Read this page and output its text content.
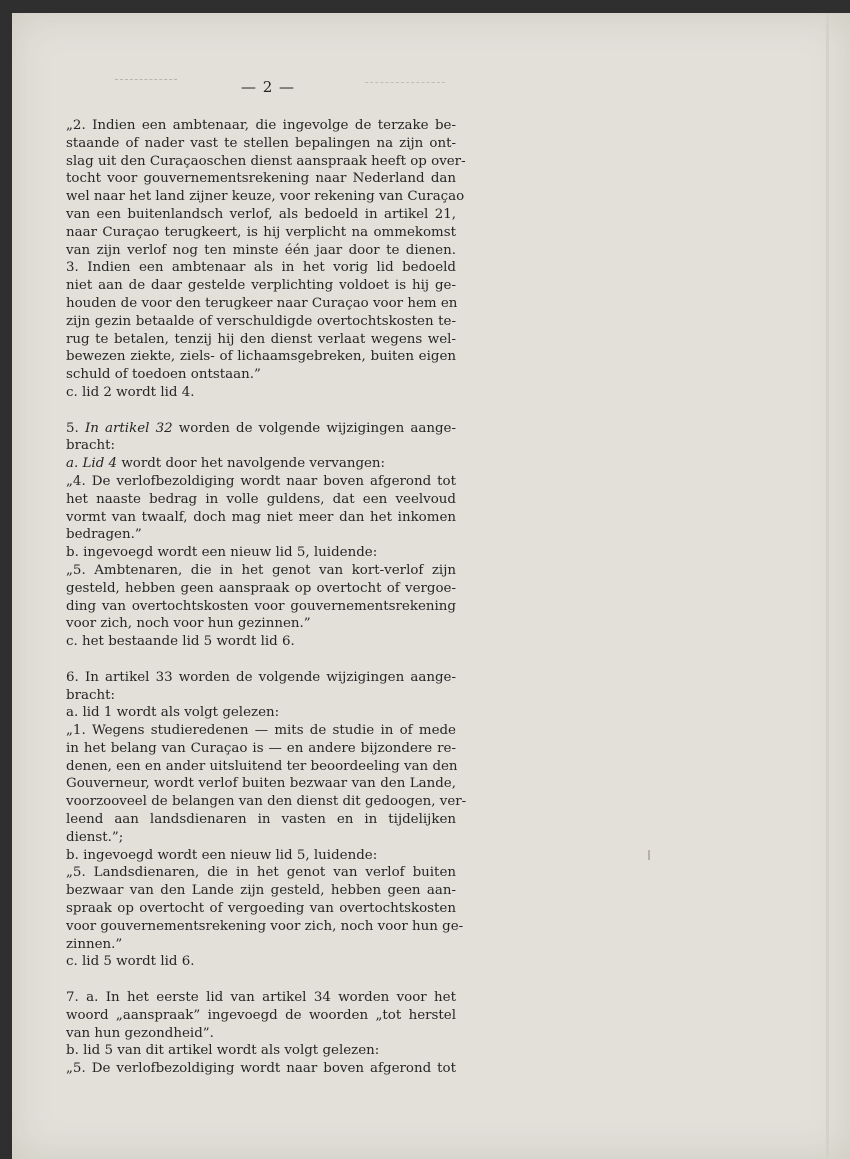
— 2 —
„2. Indien een ambtenaar, die ingevolge de terzake be-
staande of nader vast te stellen bepalingen na zijn ont-
slag uit den Curaçaoschen dienst aanspraak heeft op over-
tocht voor gouvernementsrekening naar Nederland dan
wel naar het land zijner keuze, voor rekening van Curaçao
van een buitenlandsch verlof, als bedoeld in artikel 21,
naar Curaçao terugkeert, is hij verplicht na ommekomst
van zijn verlof nog ten minste één jaar door te dienen.
3. Indien een ambtenaar als in het vorig lid bedoeld
niet aan de daar gestelde verplichting voldoet is hij ge-
houden de voor den terugkeer naar Curaçao voor hem en
zijn gezin betaalde of verschuldigde overtochtskosten te-
rug te betalen, tenzij hij den dienst verlaat wegens wel-
bewezen ziekte, ziels- of lichaamsgebreken, buiten eigen
schuld of toedoen ontstaan.”
c. lid 2 wordt lid 4.
5. In artikel 32 worden de volgende wijzigingen aange-
bracht:
a. Lid 4 wordt door het navolgende vervangen:
„4. De verlofbezoldiging wordt naar boven afgerond tot
het naaste bedrag in volle guldens, dat een veelvoud
vormt van twaalf, doch mag niet meer dan het inkomen
bedragen.”
b. ingevoegd wordt een nieuw lid 5, luidende:
„5. Ambtenaren, die in het genot van kort-verlof zijn
gesteld, hebben geen aanspraak op overtocht of vergoe-
ding van overtochtskosten voor gouvernementsrekening
voor zich, noch voor hun gezinnen.”
c. het bestaande lid 5 wordt lid 6.
6. In artikel 33 worden de volgende wijzigingen aange-
bracht:
a. lid 1 wordt als volgt gelezen:
„1. Wegens studieredenen — mits de studie in of mede
in het belang van Curaçao is — en andere bijzondere re-
denen, een en ander uitsluitend ter beoordeeling van den
Gouverneur, wordt verlof buiten bezwaar van den Lande,
voorzooveel de belangen van den dienst dit gedoogen, ver-
leend aan landsdienaren in vasten en in tijdelijken
dienst.”;
b. ingevoegd wordt een nieuw lid 5, luidende:
„5. Landsdienaren, die in het genot van verlof buiten
bezwaar van den Lande zijn gesteld, hebben geen aan-
spraak op overtocht of vergoeding van overtochtskosten
voor gouvernementsrekening voor zich, noch voor hun ge-
zinnen.”
c. lid 5 wordt lid 6.
7. a. In het eerste lid van artikel 34 worden voor het
woord „aanspraak” ingevoegd de woorden „tot herstel
van hun gezondheid”.
b. lid 5 van dit artikel wordt als volgt gelezen:
„5. De verlofbezoldiging wordt naar boven afgerond tot
